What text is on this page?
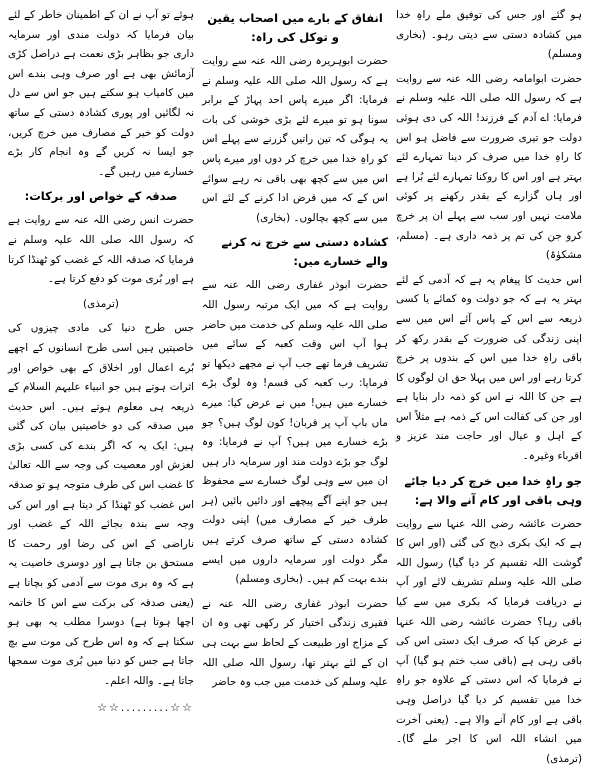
ہو گئے اور جس کی توفیق ملے راہِ خدا میں کشادہ دستی سے دیتی رہو۔ (بخاری ومسلم)

حضرت ابوامامہ رضی اللہ عنہ سے روایت ہے کہ رسول اللہ صلی اللہ علیہ وسلم نے فرمایا: اے آدم کے فرزند! اللہ کی دی ہوئی دولت جو تیری ضرورت سے فاضل ہو اس کا راہِ خدا میں صرف کر دینا تمہارے لئے بہتر ہے اور اس کا روکنا تمہارے لئے بُرا ہے اور ہاں گزارے کے بقدر رکھنے پر کوئی ملامت نہیں اور سب سے پہلے ان پر خرچ کرو جن کی تم پر ذمہ داری ہے۔ (مسلم، مشکوٰۃ)

اس حدیث کا پیغام یہ ہے کہ آدمی کے لئے بہتر یہ ہے کہ جو دولت وہ کمائے یا کسی ذریعہ سے اس کے پاس آئے اس میں سے اپنی زندگی کی ضرورت کے بقدر رکھ کر باقی راہِ خدا میں اس کے بندوں پر خرچ کرتا رہے اور اس میں پہلا حق ان لوگوں کا ہے جن کا اللہ نے اس کو ذمہ دار بنایا ہے اور جن کی کفالت اس کے ذمہ ہے مثلاً اس کے اہل و عیال اور حاجت مند عزیز و اقرباء وغیرہ۔

جو راہِ خدا میں خرچ کر دیا جائے وہی باقی اور کام آنے والا ہے:

حضرت عائشہ رضی اللہ عنہا سے روایت ہے کہ ایک بکری ذبح کی گئی (اور اس کا گوشت اللہ تقسیم کر دیا گیا) رسول اللہ صلی اللہ علیہ وسلم تشریف لائے اور آپ نے دریافت فرمایا کہ بکری میں سے کیا باقی رہا؟ حضرت عائشہ رضی اللہ عنہا نے عرض کیا کہ صرف ایک دستی اس کی باقی رہی ہے (باقی سب ختم ہو گیا) آپ نے فرمایا کہ اس دستی کے علاوہ جو راہِ خدا میں تقسیم کر دیا گیا دراصل وہی باقی ہے اور کام آنے والا ہے۔ (یعنی آخرت میں انشاء اللہ اس کا اجر ملے گا)۔ (ترمذی)

انفاق کے بارے میں اصحاب یقین و توکل کی راہ:

حضرت ابوہریرہ رضی اللہ عنہ سے روایت ہے کہ رسول اللہ صلی اللہ علیہ وسلم نے فرمایا: اگر میرے پاس احد پہاڑ کے برابر سونا ہو تو میرے لئے بڑی خوشی کی بات یہ ہوگی کہ تین راتیں گزرنے سے پہلے اس کو راہِ خدا میں خرچ کر دوں اور میرے پاس اس میں سے کچھ بھی باقی نہ رہے سوائے اس کے کہ میں قرض ادا کرنے کے لئے اس میں سے کچھ بچالوں۔ (بخاری)

کشادہ دستی سے خرچ نہ کرنے والے خسارے میں:

حضرت ابوذر غفاری رضی اللہ عنہ سے روایت ہے کہ میں ایک مرتبہ رسول اللہ صلی اللہ علیہ وسلم کی خدمت میں حاضر ہوا آپ اس وقت کعبہ کے سائے میں تشریف فرما تھے جب آپ نے مجھے دیکھا تو فرمایا: رب کعبہ کی قسم! وہ لوگ بڑے خسارے میں ہیں! میں نے عرض کیا: میرے ماں باپ آپ پر قربان! کون لوگ ہیں؟ جو بڑے خسارے میں ہیں؟ آپ نے فرمایا: وہ لوگ جو بڑے دولت مند اور سرمایہ دار ہیں ان میں سے وہی لوگ خسارے سے محفوظ ہیں جو اپنے آگے پیچھے اور دائیں بائیں (ہر طرف خیر کے مصارف میں) اپنی دولت کشادہ دستی کے ساتھ صرف کرتے ہیں مگر دولت اور سرمایہ داروں میں ایسے بندے بہت کم ہیں۔ (بخاری ومسلم)

حضرت ابوذر غفاری رضی اللہ عنہ نے فقیری زندگی اختیار کر رکھی تھی وہ ان کے مزاج اور طبیعت کے لحاظ سے بہت ہی ان کے لئے بہتر تھا، رسول اللہ صلی اللہ علیہ وسلم کی خدمت میں جب وہ حاضر

ہوئے تو آپ نے ان کے اطمینان خاطر کے لئے بیان فرمایا کہ دولت مندی اور سرمایہ داری جو بظاہر بڑی نعمت ہے دراصل کڑی آزمائش بھی ہے اور صرف وہی بندے اس میں کامیاب ہو سکتے ہیں جو اس سے دل نہ لگائیں اور پوری کشادہ دستی کے ساتھ دولت کو خیر کے مصارف میں خرچ کریں، جو ایسا نہ کریں گے وہ انجام کار بڑے خسارے میں رہیں گے۔

صدقہ کے خواص اور برکات:

حضرت انس رضی اللہ عنہ سے روایت ہے کہ رسول اللہ صلی اللہ علیہ وسلم نے فرمایا کہ صدقہ اللہ کے غضب کو ٹھنڈا کرتا ہے اور بُری موت کو دفع کرتا ہے۔

(ترمذی)

جس طرح دنیا کی مادی چیزوں کی خاصیتیں ہیں اسی طرح انسانوں کے اچھے بُرے اعمال اور اخلاق کے بھی خواص اور اثرات ہوتے ہیں جو انبیاء علیہم السلام کے ذریعہ ہی معلوم ہوتے ہیں۔ اس حدیث میں صدقہ کی دو خاصیتیں بیان کی گئی ہیں: ایک یہ کہ اگر بندے کی کسی بڑی لغزش اور معصیت کی وجہ سے اللہ تعالیٰ کا غضب اس کی طرف متوجہ ہو تو صدقہ اس غضب کو ٹھنڈا کر دیتا ہے اور اس کی وجہ سے بندہ بجائے اللہ کے غضب اور ناراضی کے اس کی رضا اور رحمت کا مستحق بن جاتا ہے اور دوسری خاصیت یہ ہے کہ وہ بری موت سے آدمی کو بچاتا ہے (یعنی صدقہ کی برکت سے اس کا خاتمہ اچھا ہوتا ہے) دوسرا مطلب یہ بھی ہو سکتا ہے کہ وہ اس طرح کی موت سے بچ جاتا ہے جس کو دنیا میں بُری موت سمجھا جاتا ہے۔ واللہ اعلم۔

☆☆.........☆☆
